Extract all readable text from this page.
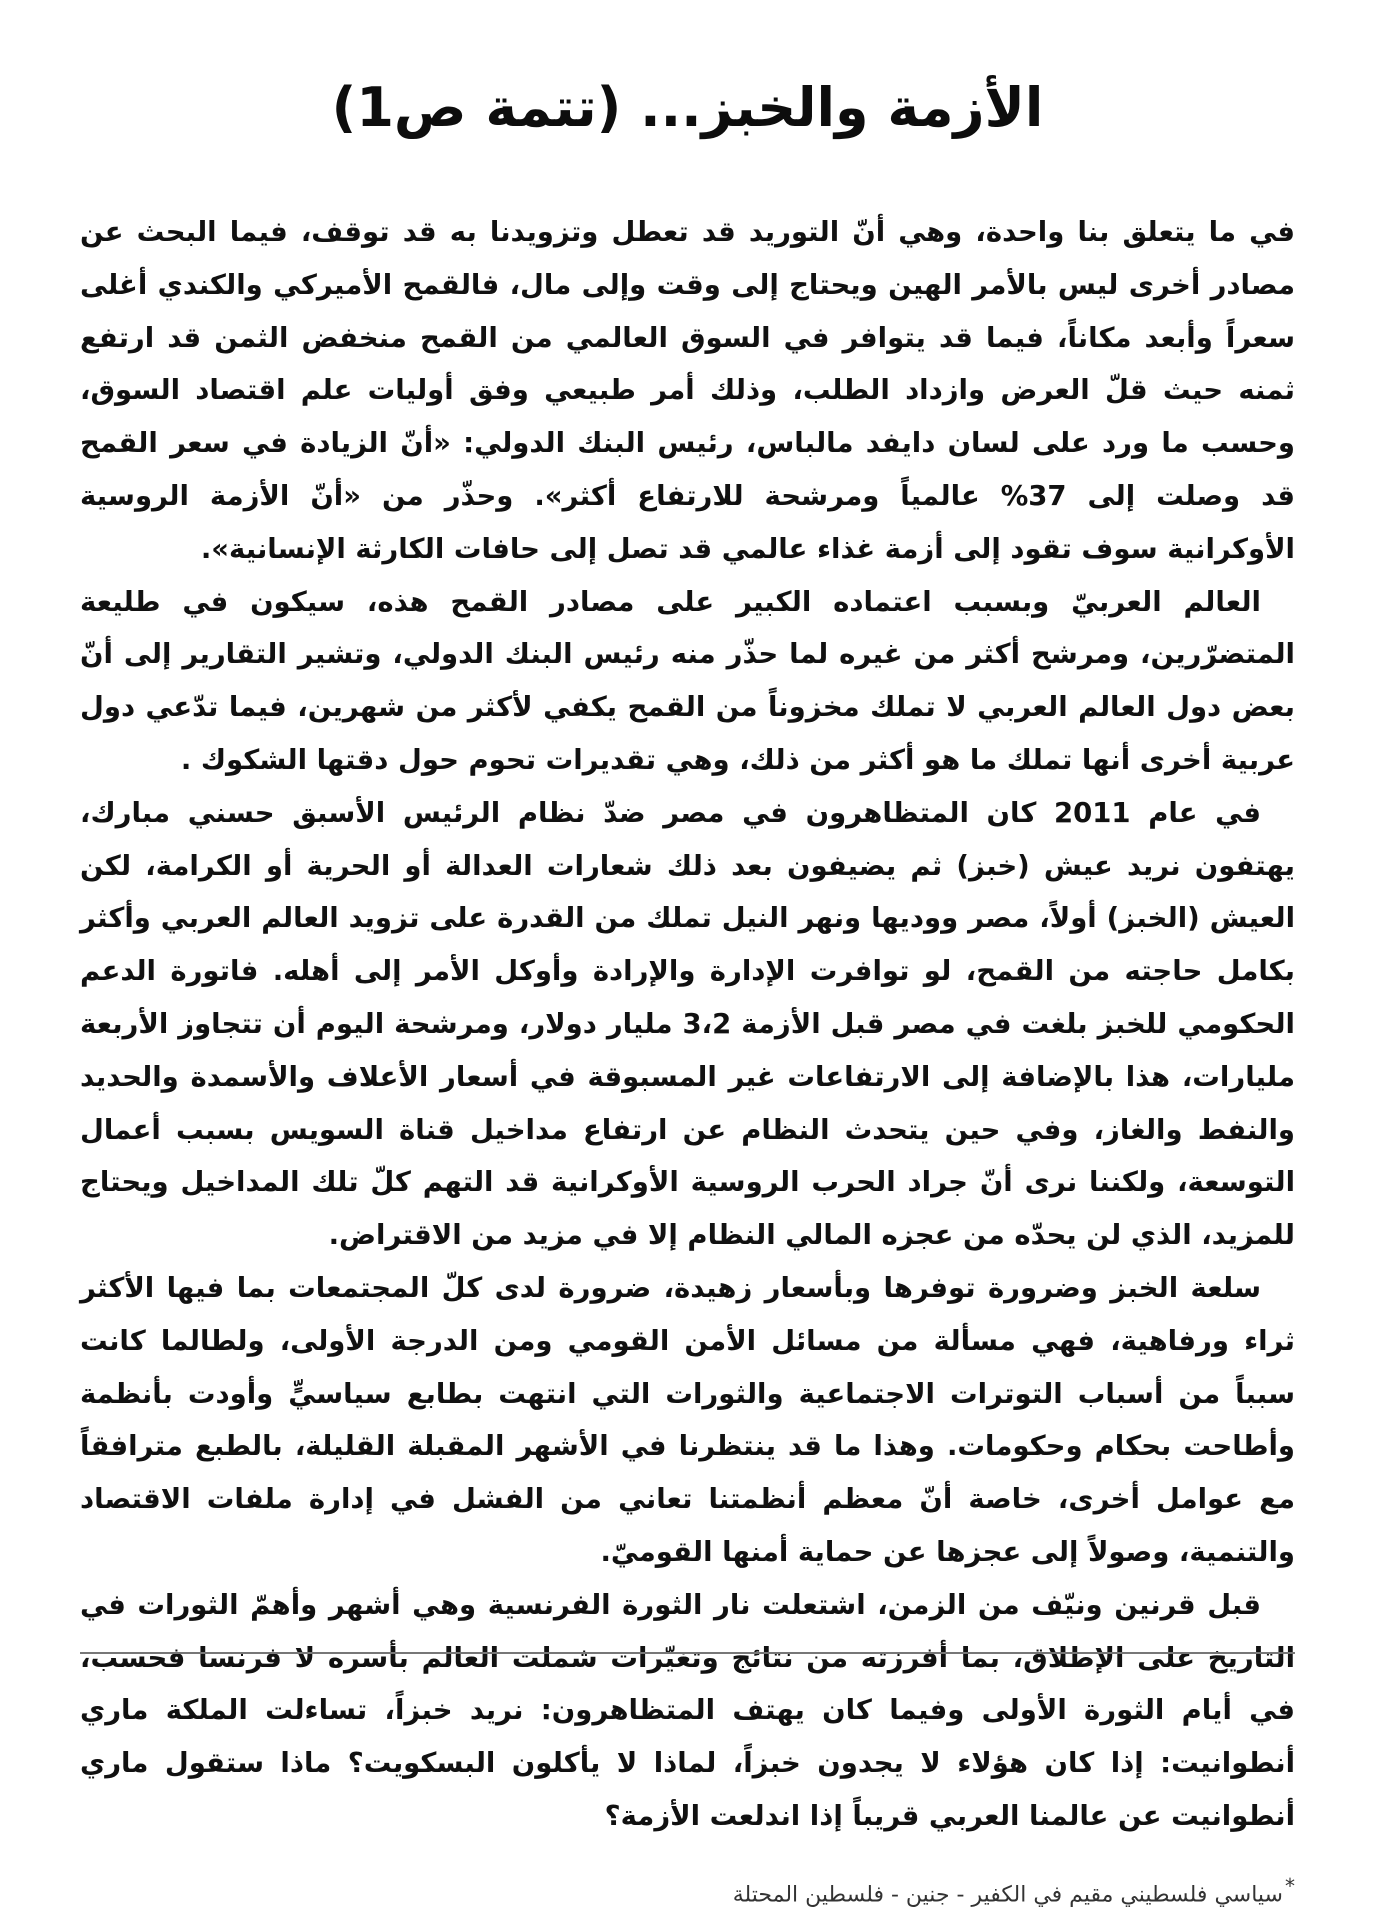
الأزمة والخبز... (تتمة ص1)

في ما يتعلق بنا واحدة، وهي أنّ التوريد قد تعطل وتزويدنا به قد توقف، فيما البحث عن مصادر أخرى ليس بالأمر الهين ويحتاج إلى وقت وإلى مال، فالقمح الأميركي والكندي أغلى سعراً وأبعد مكاناً، فيما قد يتوافر في السوق العالمي من القمح منخفض الثمن قد ارتفع ثمنه حيث قلّ العرض وازداد الطلب، وذلك أمر طبيعي وفق أوليات علم اقتصاد السوق، وحسب ما ورد على لسان دايفد مالباس، رئيس البنك الدولي: «أنّ الزيادة في سعر القمح قد وصلت إلى 37% عالمياً ومرشحة للارتفاع أكثر». وحذّر من «أنّ الأزمة الروسية الأوكرانية سوف تقود إلى أزمة غذاء عالمي قد تصل إلى حافات الكارثة الإنسانية».

العالم العربيّ وبسبب اعتماده الكبير على مصادر القمح هذه، سيكون في طليعة المتضرّرين، ومرشح أكثر من غيره لما حذّر منه رئيس البنك الدولي، وتشير التقارير إلى أنّ بعض دول العالم العربي لا تملك مخزوناً من القمح يكفي لأكثر من شهرين، فيما تدّعي دول عربية أخرى أنها تملك ما هو أكثر من ذلك، وهي تقديرات تحوم حول دقتها الشكوك .

في عام 2011 كان المتظاهرون في مصر ضدّ نظام الرئيس الأسبق حسني مبارك، يهتفون نريد عيش (خبز) ثم يضيفون بعد ذلك شعارات العدالة أو الحرية أو الكرامة، لكن العيش (الخبز) أولاً، مصر ووديها ونهر النيل تملك من القدرة على تزويد العالم العربي وأكثر بكامل حاجته من القمح، لو توافرت الإدارة والإرادة وأوكل الأمر إلى أهله. فاتورة الدعم الحكومي للخبز بلغت في مصر قبل الأزمة 3،2 مليار دولار، ومرشحة اليوم أن تتجاوز الأربعة مليارات، هذا بالإضافة إلى الارتفاعات غير المسبوقة في أسعار الأعلاف والأسمدة والحديد والنفط والغاز، وفي حين يتحدث النظام عن ارتفاع مداخيل قناة السويس بسبب أعمال التوسعة، ولكننا نرى أنّ جراد الحرب الروسية الأوكرانية قد التهم كلّ تلك المداخيل ويحتاج للمزيد، الذي لن يحدّه من عجزه المالي النظام إلا في مزيد من الاقتراض.

سلعة الخبز وضرورة توفرها وبأسعار زهيدة، ضرورة لدى كلّ المجتمعات بما فيها الأكثر ثراء ورفاهية، فهي مسألة من مسائل الأمن القومي ومن الدرجة الأولى، ولطالما كانت سبباً من أسباب التوترات الاجتماعية والثورات التي انتهت بطابع سياسيٍّ وأودت بأنظمة وأطاحت بحكام وحكومات. وهذا ما قد ينتظرنا في الأشهر المقبلة القليلة، بالطبع مترافقاً مع عوامل أخرى، خاصة أنّ معظم أنظمتنا تعاني من الفشل في إدارة ملفات الاقتصاد والتنمية، وصولاً إلى عجزها عن حماية أمنها القوميّ.

قبل قرنين ونيّف من الزمن، اشتعلت نار الثورة الفرنسية وهي أشهر وأهمّ الثورات في التاريخ على الإطلاق، بما أفرزته من نتائج وتغيّرات شملت العالم بأسره لا فرنسا فحسب، في أيام الثورة الأولى وفيما كان يهتف المتظاهرون: نريد خبزاً، تساءلت الملكة ماري أنطوانيت: إذا كان هؤلاء لا يجدون خبزاً، لماذا لا يأكلون البسكويت؟ ماذا ستقول ماري أنطوانيت عن عالمنا العربي قريباً إذا اندلعت الأزمة؟

*سياسي فلسطيني مقيم في الكفير - جنين - فلسطين المحتلة
